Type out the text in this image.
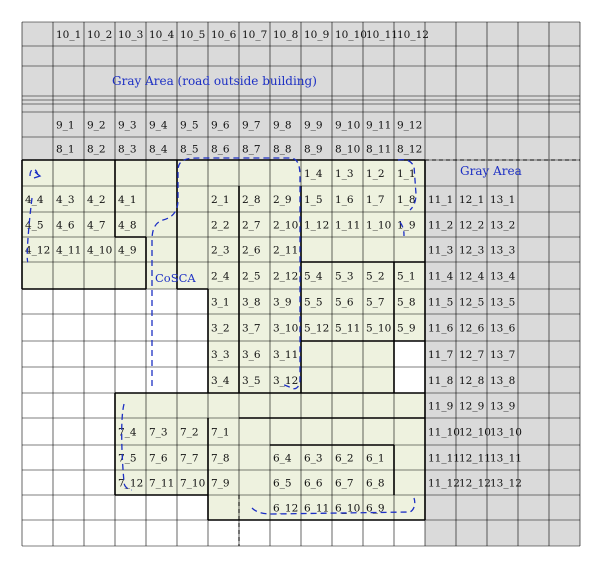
10_1 10_2 10_3 10_4 10_5 10_6 10_7 10_8 10_9 10_10 10_11 10_12
9_1 9_2 9_3 9_4 9_5 9_6 9_7 9_8 9_9 9_10 9_11 9_12
8_1 8_2 8_3 8_4 8_5 8_6 8_7 8_8 8_9 8_10 8_11 8_12
1_4 1_3 1_2 1_1
4_4 4_3 4_2 4_1	2_1 2_8 2_9 1_5 1_6 1_7 1_8 11_1 12_1 13_1
4_5 4_6 4_7 4_8	2_2 2_7 2_10 1_12 1_11 1_10 1_9 11_2 12_2 13_2
4_12 4_11 4_10 4_9	2_3 2_6 2_11	11_3 12_3 13_3
2_4 2_5 2_12 5_4 5_3 5_2 5_1 11_4 12_4 13_4
3_1 3_8 3_9 5_5 5_6 5_7 5_8 11_5 12_5 13_5
3_2 3_7 3_10 5_12 5_11 5_10 5_9 11_6 12_6 13_6
3_3 3_6 3_11	11_7 12_7 13_7
3_4 3_5 3_12	11_8 12_8 13_8
11_9 12_9 13_9
7_4 7_3 7_2 7_1	11_10 12_10 13_10
7_5 7_6 7_7 7_8	6_4 6_3 6_2 6_1	11_11 12_11 13_11
7_12 7_11 7_10 7_9	6_5 6_6 6_7 6_8	11_12 12_12 13_12
6_12 6_11 6_10 6_9
Gray Area (road outside building)
Gray Area
CoSCA
